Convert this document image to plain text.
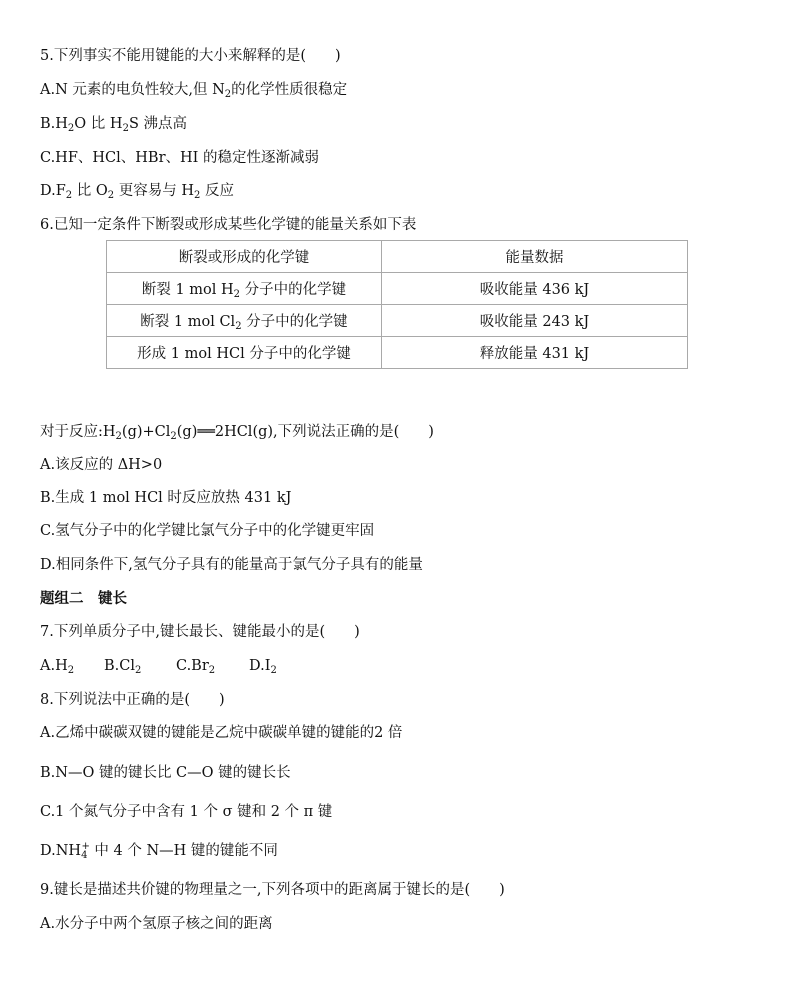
5.下列事实不能用键能的大小来解释的是(　　)
A.N 元素的电负性较大,但 $N_2$的化学性质很稳定
$B.H_2O$ 比 $H_2S$ 沸点高
C.HF、HCl、HBr、HI 的稳定性逐渐减弱
$D.F_2$ 比 $O_2$ 更容易与 $H_2$ 反应
6.已知一定条件下断裂或形成某些化学键的能量关系如下表
断裂或形成的化学键	能量数据
断裂 1 mol $H_2$ 分子中的化学键	吸收能量 436 kJ
断裂 1 mol $Cl_2$ 分子中的化学键	吸收能量 243 kJ
形成 1 mol HCl 分子中的化学键	释放能量 431 kJ
对于反应$:H_2(g)+Cl_2(g)══2HCl(g)$,下列说法正确的是(　　)
A.该反应的 ΔH>0
B.生成 1 mol HCl 时反应放热 431 kJ
C.氢气分子中的化学键比氯气分子中的化学键更牢固
D.相同条件下,氢气分子具有的能量高于氯气分子具有的能量
题组二　键长
7.下列单质分子中,键长最长、键能最小的是(　　)
$A.H_2$ $B.Cl_2$ $C.Br_2$ $D.I_2$
8.下列说法中正确的是(　　)
A.乙烯中碳碳双键的键能是乙烷中碳碳单键的键能的2 倍
B.N—O 键的键长比 C—O 键的键长长
C.1 个氮气分子中含有 1 个 σ 键和 2 个 π 键
$D.NH_4^+$ 中 4 个 N—H 键的键能不同
9.键长是描述共价键的物理量之一,下列各项中的距离属于键长的是(　　)
A.水分子中两个氢原子核之间的距离
